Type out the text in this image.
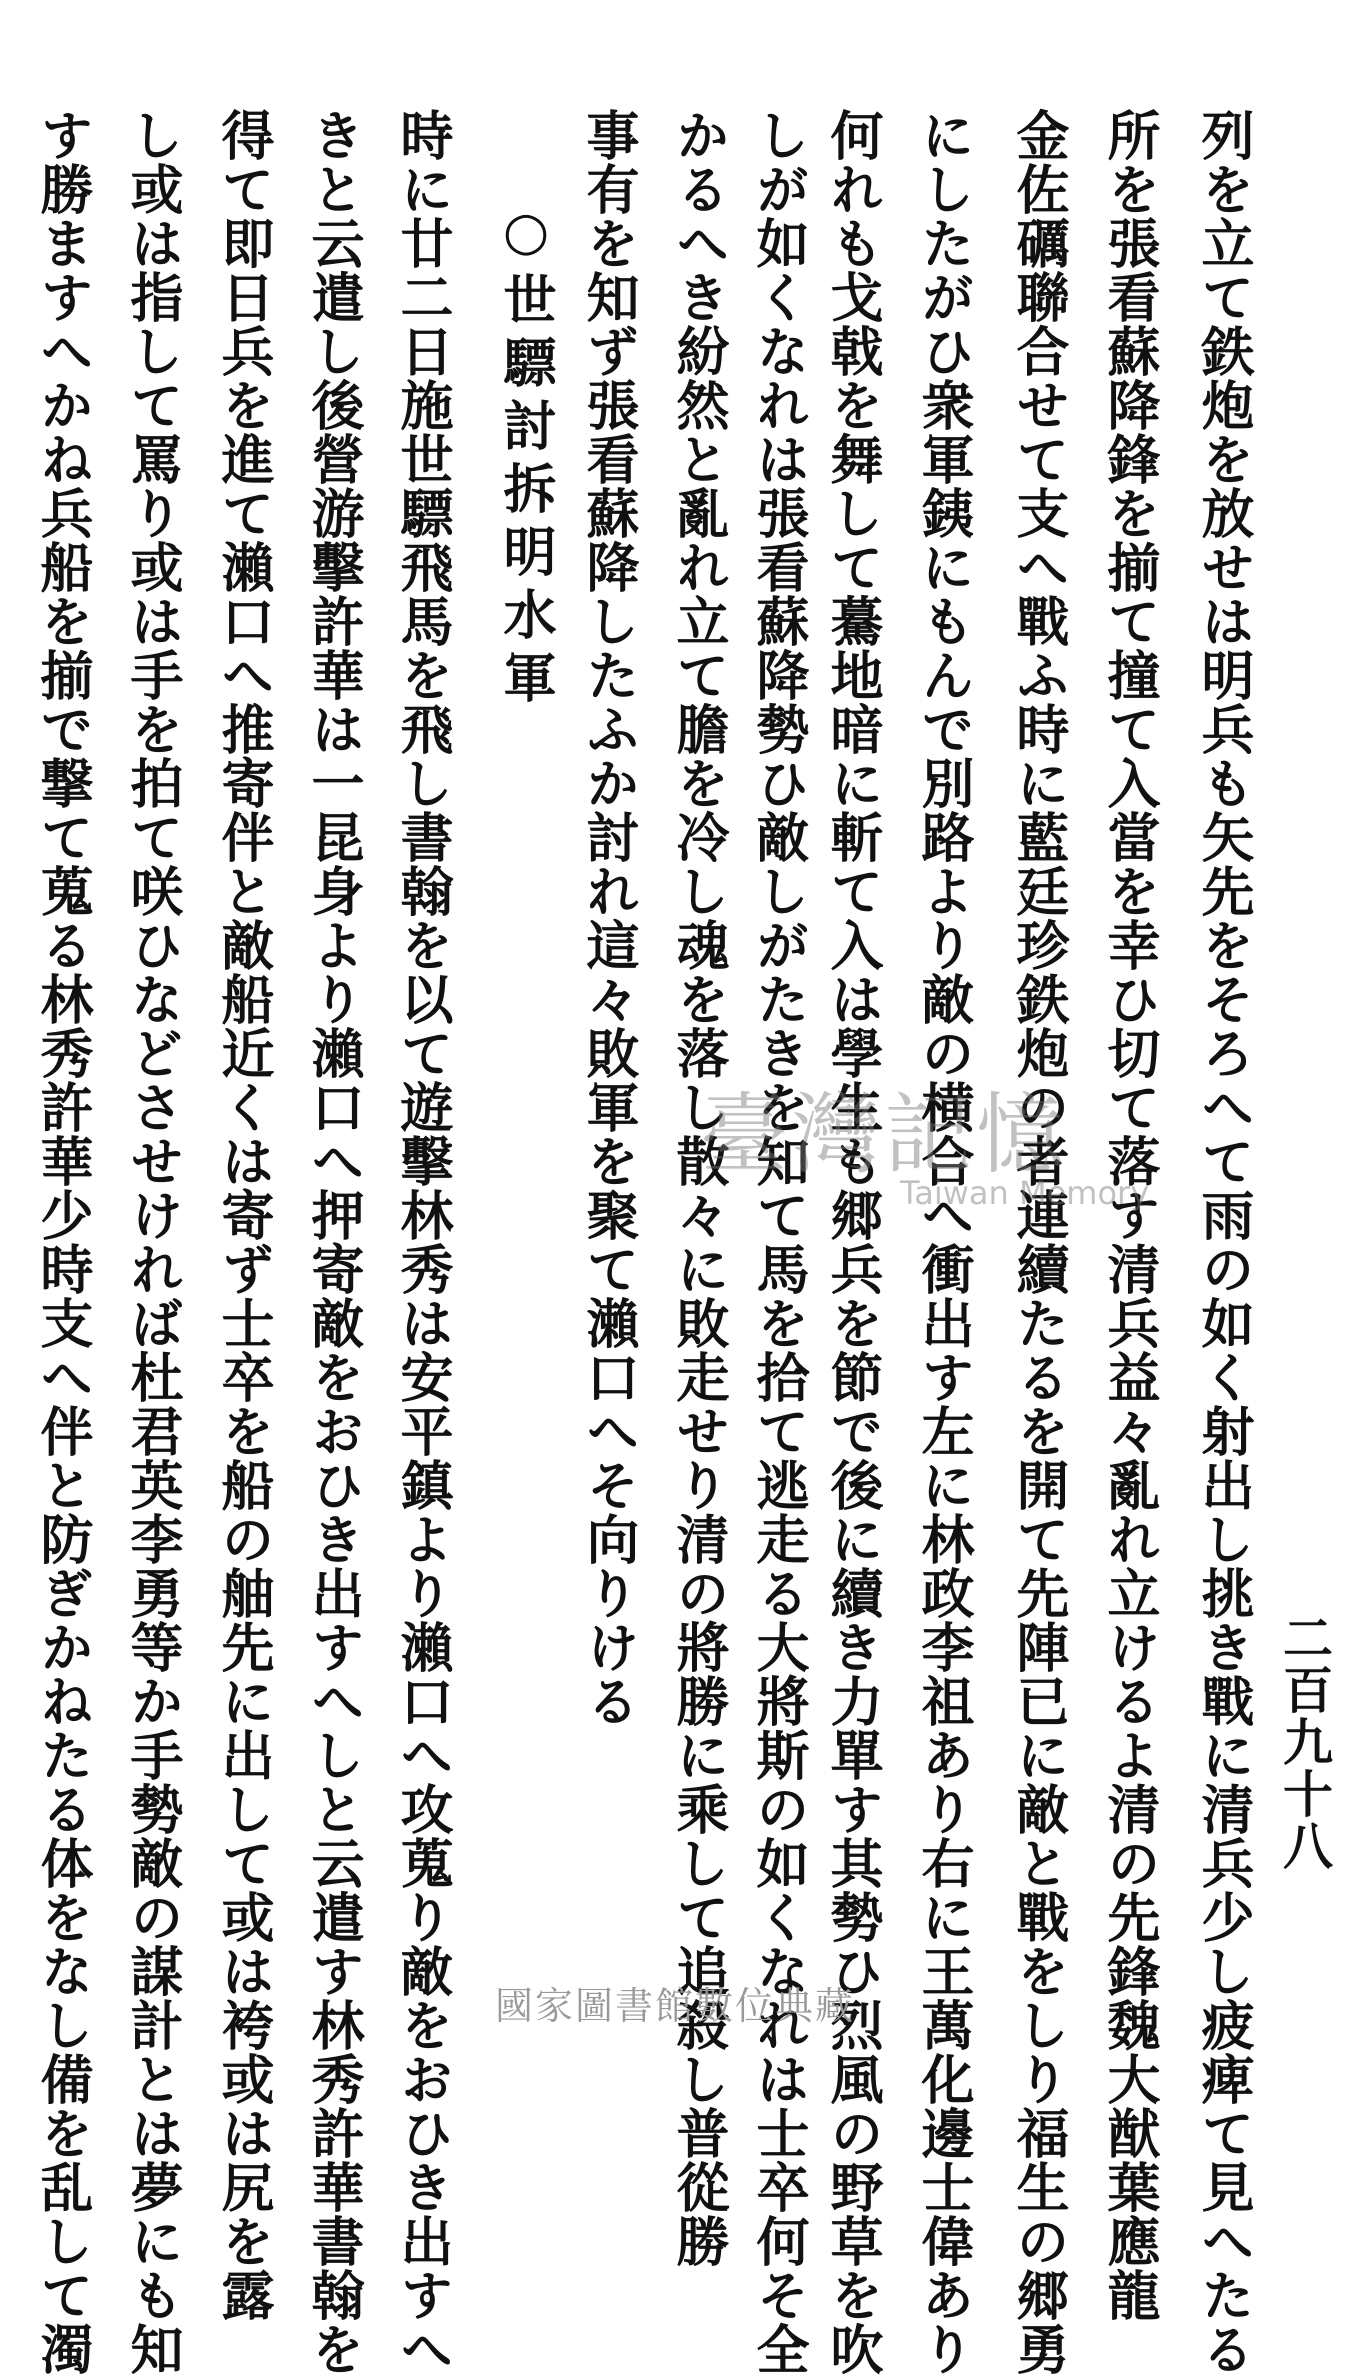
二百九十八
列を立て鉄炮を放せは明兵も矢先をそろへて雨の如く射出し挑き戰に清兵少し疲痺て見へたる
所を張看蘇降鋒を揃て撞て入當を幸ひ切て落す清兵益々亂れ立けるよ清の先鋒魏大猷葉應龍
金佐礪聯合せて支へ戰ふ時に藍廷珍鉄炮の者連續たるを開て先陣已に敵と戰をしり福生の郷勇
にしたがひ衆軍銕にもんで別路より敵の横合へ衝出す左に林政李祖あり右に王萬化邊士偉あり
何れも戈戟を舞して驀地暗に斬て入は學生も郷兵を節で後に續き力單す其勢ひ烈風の野草を吹
しが如くなれは張看蘇降勢ひ敵しがたきを知て馬を拾て逃走る大將斯の如くなれは士卒何そ全
かるへき紛然と亂れ立て膽を冷し魂を落し散々に敗走せり清の將勝に乘して追殺し普從勝
事有を知ず張看蘇降したふか討れ這々敗軍を聚て瀨口へそ向りける
○世驃討拆明水軍
時に廿二日施世驃飛馬を飛し書翰を以て遊擊林秀は安平鎮より瀨口へ攻蒐り敵をおひき出すへ
きと云遣し後營游擊許華は一昆身より瀨口へ押寄敵をおひき出すへしと云遣す林秀許華書翰を
得て即日兵を進て瀨口へ推寄伴と敵船近くは寄ず士卒を船の舳先に出して或は袴或は尻を露
し或は指して罵り或は手を拍て咲ひなどさせければ杜君英李勇等か手勢敵の謀計とは夢にも知
す勝ますへかね兵船を揃で撃て蒐る林秀許華少時支へ伴と防ぎかねたる体をなし備を乱して濁	臺灣記憶
Taiwan Memory
國家圖書館數位典藏
